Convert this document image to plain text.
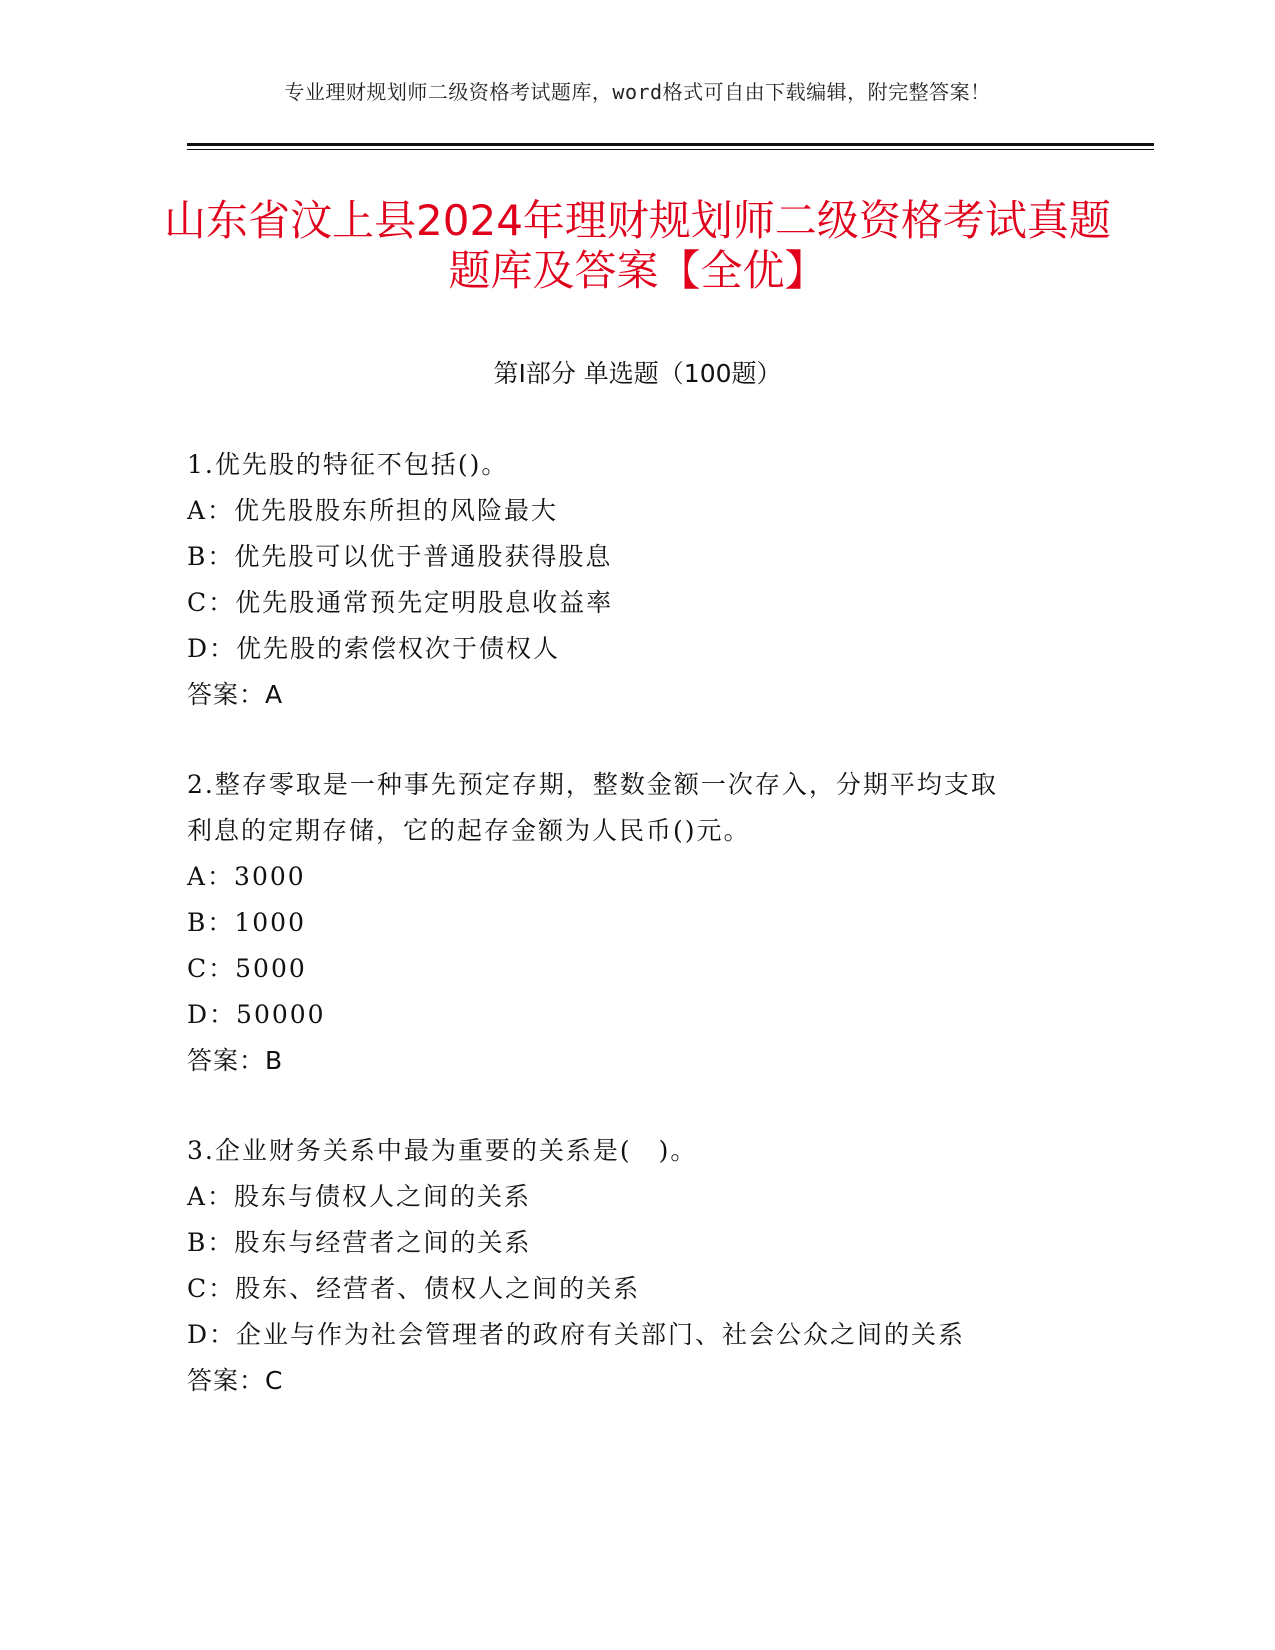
专业理财规划师二级资格考试题库，word格式可自由下载编辑，附完整答案！
山东省汶上县2024年理财规划师二级资格考试真题题库及答案【全优】
第Ⅰ部分 单选题（100题）
1.优先股的特征不包括()。
A：优先股股东所担的风险最大
B：优先股可以优于普通股获得股息
C：优先股通常预先定明股息收益率
D：优先股的索偿权次于债权人
答案：A
2.整存零取是一种事先预定存期，整数金额一次存入，分期平均支取利息的定期存储，它的起存金额为人民币()元。
A：3000
B：1000
C：5000
D：50000
答案：B
3.企业财务关系中最为重要的关系是(　)。
A：股东与债权人之间的关系
B：股东与经营者之间的关系
C：股东、经营者、债权人之间的关系
D：企业与作为社会管理者的政府有关部门、社会公众之间的关系
答案：C
